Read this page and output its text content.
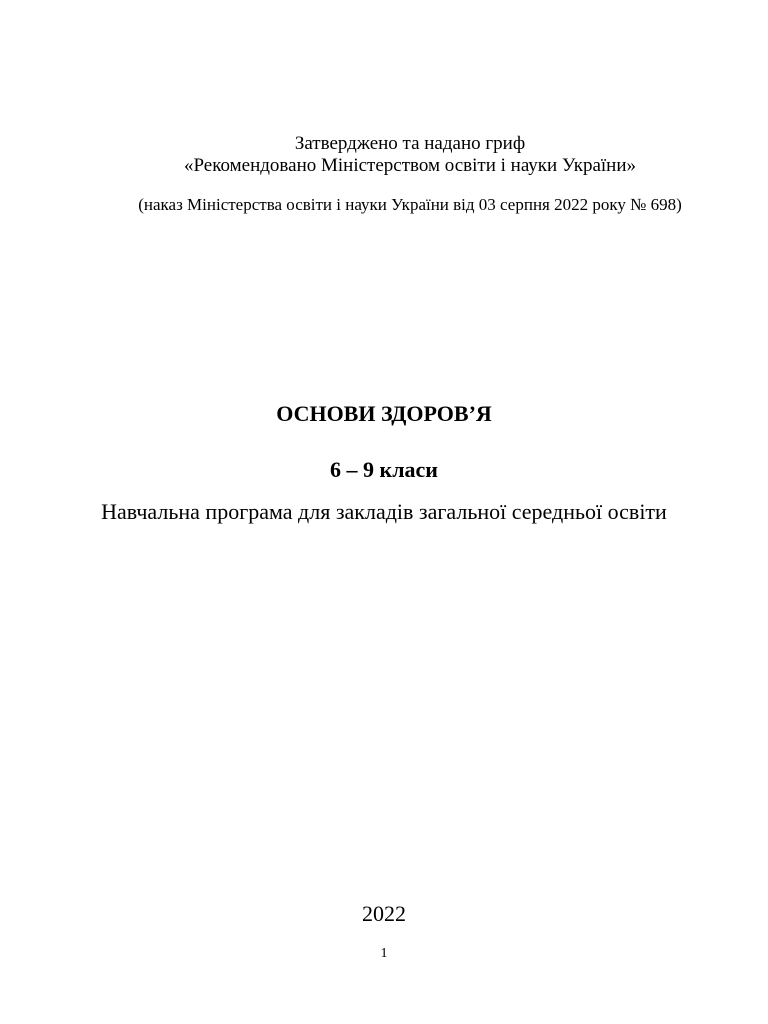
Затверджено та надано гриф
«Рекомендовано Міністерством освіти і науки України»
(наказ Міністерства освіти і науки України від 03 серпня 2022 року № 698)
ОСНОВИ ЗДОРОВ’Я
6 – 9 класи
Навчальна програма для закладів загальної середньої освіти
2022
1
